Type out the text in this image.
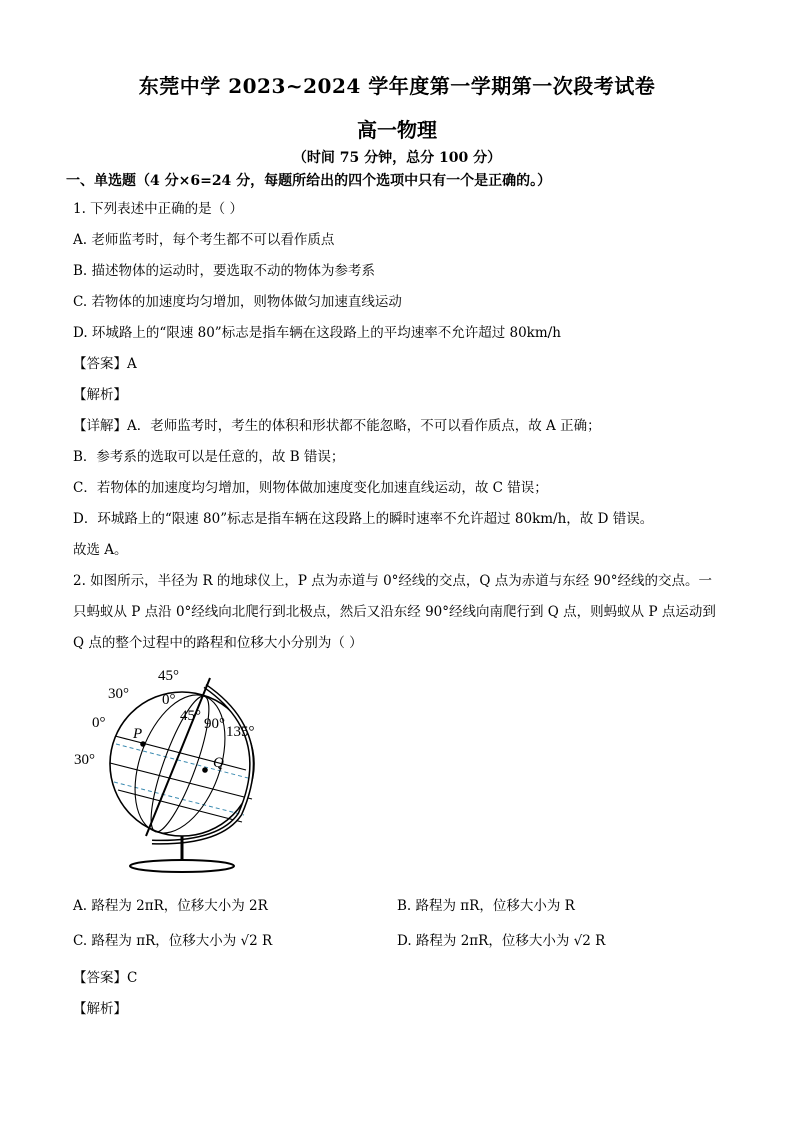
东莞中学 2023~2024 学年度第一学期第一次段考试卷
高一物理
（时间 75 分钟，总分 100 分）
一、单选题（4 分×6=24 分，每题所给出的四个选项中只有一个是正确的。）
1. 下列表述中正确的是（ ）
A. 老师监考时，每个考生都不可以看作质点
B. 描述物体的运动时，要选取不动的物体为参考系
C. 若物体的加速度均匀增加，则物体做匀加速直线运动
D. 环城路上的“限速 80”标志是指车辆在这段路上的平均速率不允许超过 80km/h
【答案】A
【解析】
【详解】A．老师监考时，考生的体积和形状都不能忽略，不可以看作质点，故 A 正确；
B．参考系的选取可以是任意的，故 B 错误；
C．若物体的加速度均匀增加，则物体做加速度变化加速直线运动，故 C 错误；
D．环城路上的“限速 80”标志是指车辆在这段路上的瞬时速率不允许超过 80km/h，故 D 错误。
故选 A。
2. 如图所示，半径为 R 的地球仪上，P 点为赤道与 0°经线的交点，Q 点为赤道与东经 90°经线的交点。一
只蚂蚁从 P 点沿 0°经线向北爬行到北极点，然后又沿东经 90°经线向南爬行到 Q 点，则蚂蚁从 P 点运动到
Q 点的整个过程中的路程和位移大小分别为（ ）
45°
30° 0°
0°	45° 90° 135°
30°
P
Q
A. 路程为 2πR，位移大小为 2R	B. 路程为 πR，位移大小为 R
C. 路程为 πR，位移大小为 √2 R	D. 路程为 2πR，位移大小为 √2 R
【答案】C
【解析】
